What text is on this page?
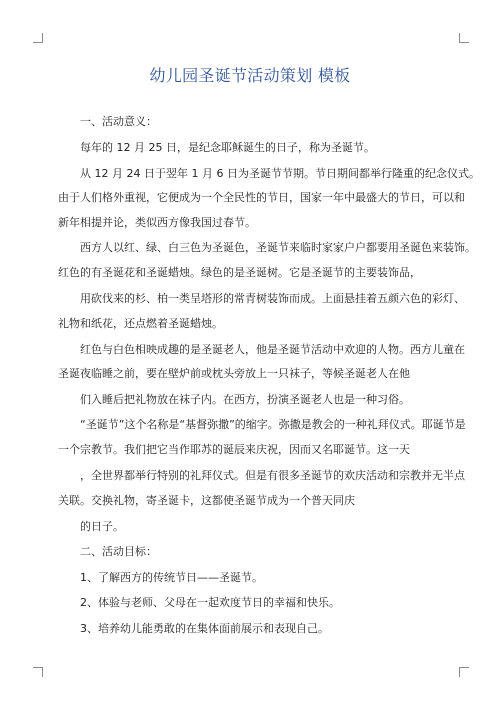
幼儿园圣诞节活动策划 模板
一、活动意义：
每年的 12 月 25 日，是纪念耶稣诞生的日子，称为圣诞节。
从 12 月 24 日于翌年 1 月 6 日为圣诞节节期。节日期间都举行隆重的纪念仪式。
由于人们格外重视，它便成为一个全民性的节日，国家一年中最盛大的节日，可以和
新年相提并论，类似西方像我国过春节。
西方人以红、绿、白三色为圣诞色，圣诞节来临时家家户户都要用圣诞色来装饰。
红色的有圣诞花和圣诞蜡烛。绿色的是圣诞树。它是圣诞节的主要装饰品，
用砍伐来的杉、柏一类呈塔形的常青树装饰而成。上面悬挂着五颜六色的彩灯、
礼物和纸花，还点燃着圣诞蜡烛。
红色与白色相映成趣的是圣诞老人，他是圣诞节活动中欢迎的人物。西方儿童在
圣诞夜临睡之前，要在壁炉前或枕头旁放上一只袜子，等候圣诞老人在他
们入睡后把礼物放在袜子内。在西方，扮演圣诞老人也是一种习俗。
“圣诞节”这个名称是“基督弥撒”的缩字。弥撒是教会的一种礼拜仪式。耶诞节是
一个宗教节。我们把它当作耶苏的诞辰来庆祝，因而又名耶诞节。这一天
，全世界都举行特别的礼拜仪式。但是有很多圣诞节的欢庆活动和宗教并无半点
关联。交换礼物，寄圣诞卡，这都使圣诞节成为一个普天同庆
的日子。
二、活动目标：
1、了解西方的传统节日——圣诞节。
2、体验与老师、父母在一起欢度节日的幸福和快乐。
3、培养幼儿能勇敢的在集体面前展示和表现自己。
